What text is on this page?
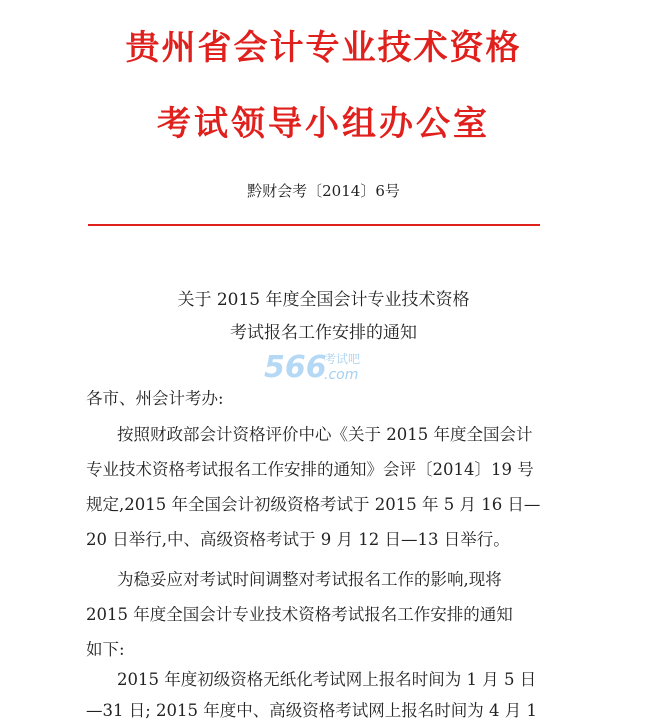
贵州省会计专业技术资格
考试领导小组办公室
黔财会考〔2014〕6号
关于 2015 年度全国会计专业技术资格
考试报名工作安排的通知
566
考试吧
.com
各市、州会计考办:
按照财政部会计资格评价中心《关于 2015 年度全国会计
专业技术资格考试报名工作安排的通知》会评〔2014〕19 号
规定,2015 年全国会计初级资格考试于 2015 年 5 月 16 日—
20 日举行,中、高级资格考试于 9 月 12 日—13 日举行。
为稳妥应对考试时间调整对考试报名工作的影响,现将
2015 年度全国会计专业技术资格考试报名工作安排的通知
如下:
2015 年度初级资格无纸化考试网上报名时间为 1 月 5 日
—31 日; 2015 年度中、高级资格考试网上报名时间为 4 月 1
